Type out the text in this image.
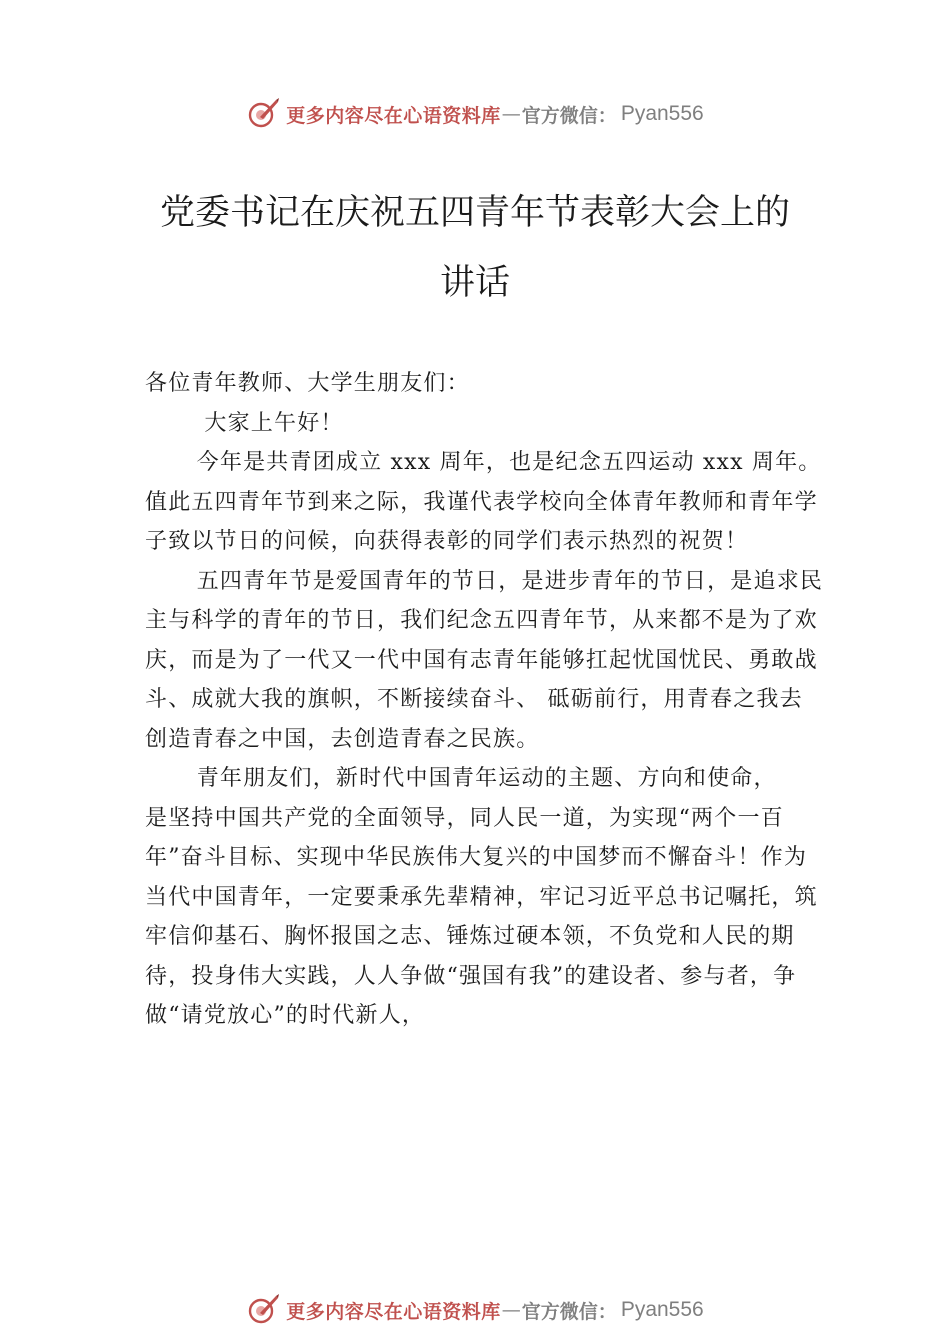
更多内容尽在心语资料库 — 官方微信： Pyan556
党委书记在庆祝五四青年节表彰大会上的
讲话

各位青年教师、大学生朋友们：

大家上午好！

今年是共青团成立 xxx 周年，也是纪念五四运动 xxx 周年。值此五四青年节到来之际，我谨代表学校向全体青年教师和青年学子致以节日的问候，向获得表彰的同学们表示热烈的祝贺！

五四青年节是爱国青年的节日，是进步青年的节日，是追求民主与科学的青年的节日，我们纪念五四青年节，从来都不是为了欢庆，而是为了一代又一代中国有志青年能够扛起忧国忧民、勇敢战斗、成就大我的旗帜，不断接续奋斗、 砥砺前行，用青春之我去创造青春之中国，去创造青春之民族。

青年朋友们，新时代中国青年运动的主题、方向和使命，

是坚持中国共产党的全面领导，同人民一道，为实现“两个一百年”奋斗目标、实现中华民族伟大复兴的中国梦而不懈奋斗！作为当代中国青年，一定要秉承先辈精神，牢记习近平总书记嘱托，筑牢信仰基石、胸怀报国之志、锤炼过硬本领，不负党和人民的期待，投身伟大实践，人人争做“强国有我”的建设者、参与者，争做“请党放心”的时代新人，

更多内容尽在心语资料库 — 官方微信： Pyan556
